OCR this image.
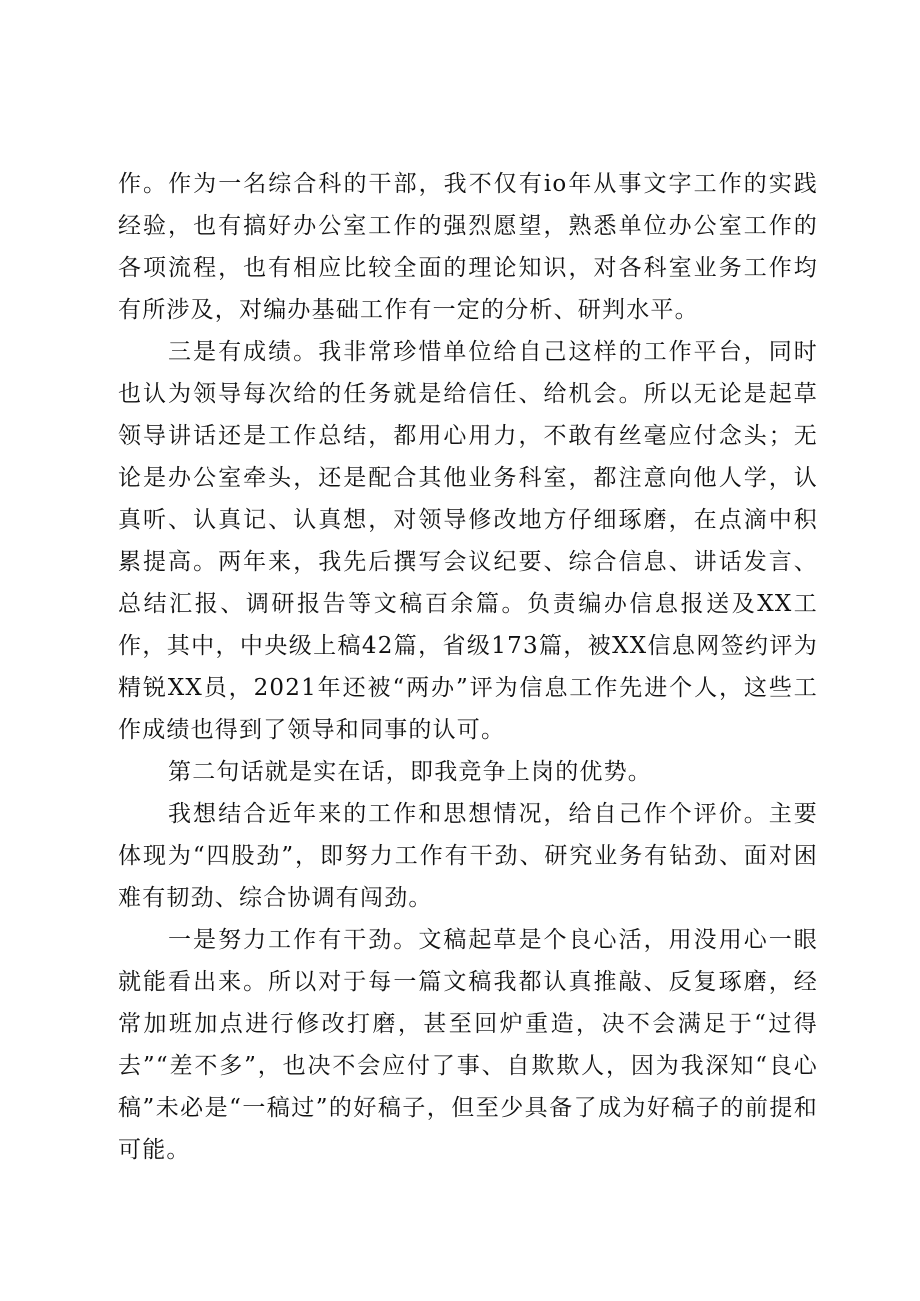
作。作为一名综合科的干部，我不仅有io年从事文字工作的实践经验，也有搞好办公室工作的强烈愿望，熟悉单位办公室工作的各项流程，也有相应比较全面的理论知识，对各科室业务工作均有所涉及，对编办基础工作有一定的分析、研判水平。

三是有成绩。我非常珍惜单位给自己这样的工作平台，同时也认为领导每次给的任务就是给信任、给机会。所以无论是起草领导讲话还是工作总结，都用心用力，不敢有丝毫应付念头；无论是办公室牵头，还是配合其他业务科室，都注意向他人学，认真听、认真记、认真想，对领导修改地方仔细琢磨，在点滴中积累提高。两年来，我先后撰写会议纪要、综合信息、讲话发言、总结汇报、调研报告等文稿百余篇。负责编办信息报送及XX工作，其中，中央级上稿42篇，省级173篇，被XX信息网签约评为精锐XX员，2021年还被“两办”评为信息工作先进个人，这些工作成绩也得到了领导和同事的认可。

第二句话就是实在话，即我竞争上岗的优势。

我想结合近年来的工作和思想情况，给自己作个评价。主要体现为“四股劲”，即努力工作有干劲、研究业务有钻劲、面对困难有韧劲、综合协调有闯劲。

一是努力工作有干劲。文稿起草是个良心活，用没用心一眼就能看出来。所以对于每一篇文稿我都认真推敲、反复琢磨，经常加班加点进行修改打磨，甚至回炉重造，决不会满足于“过得去”“差不多”，也决不会应付了事、自欺欺人，因为我深知“良心稿”未必是“一稿过”的好稿子，但至少具备了成为好稿子的前提和可能。
